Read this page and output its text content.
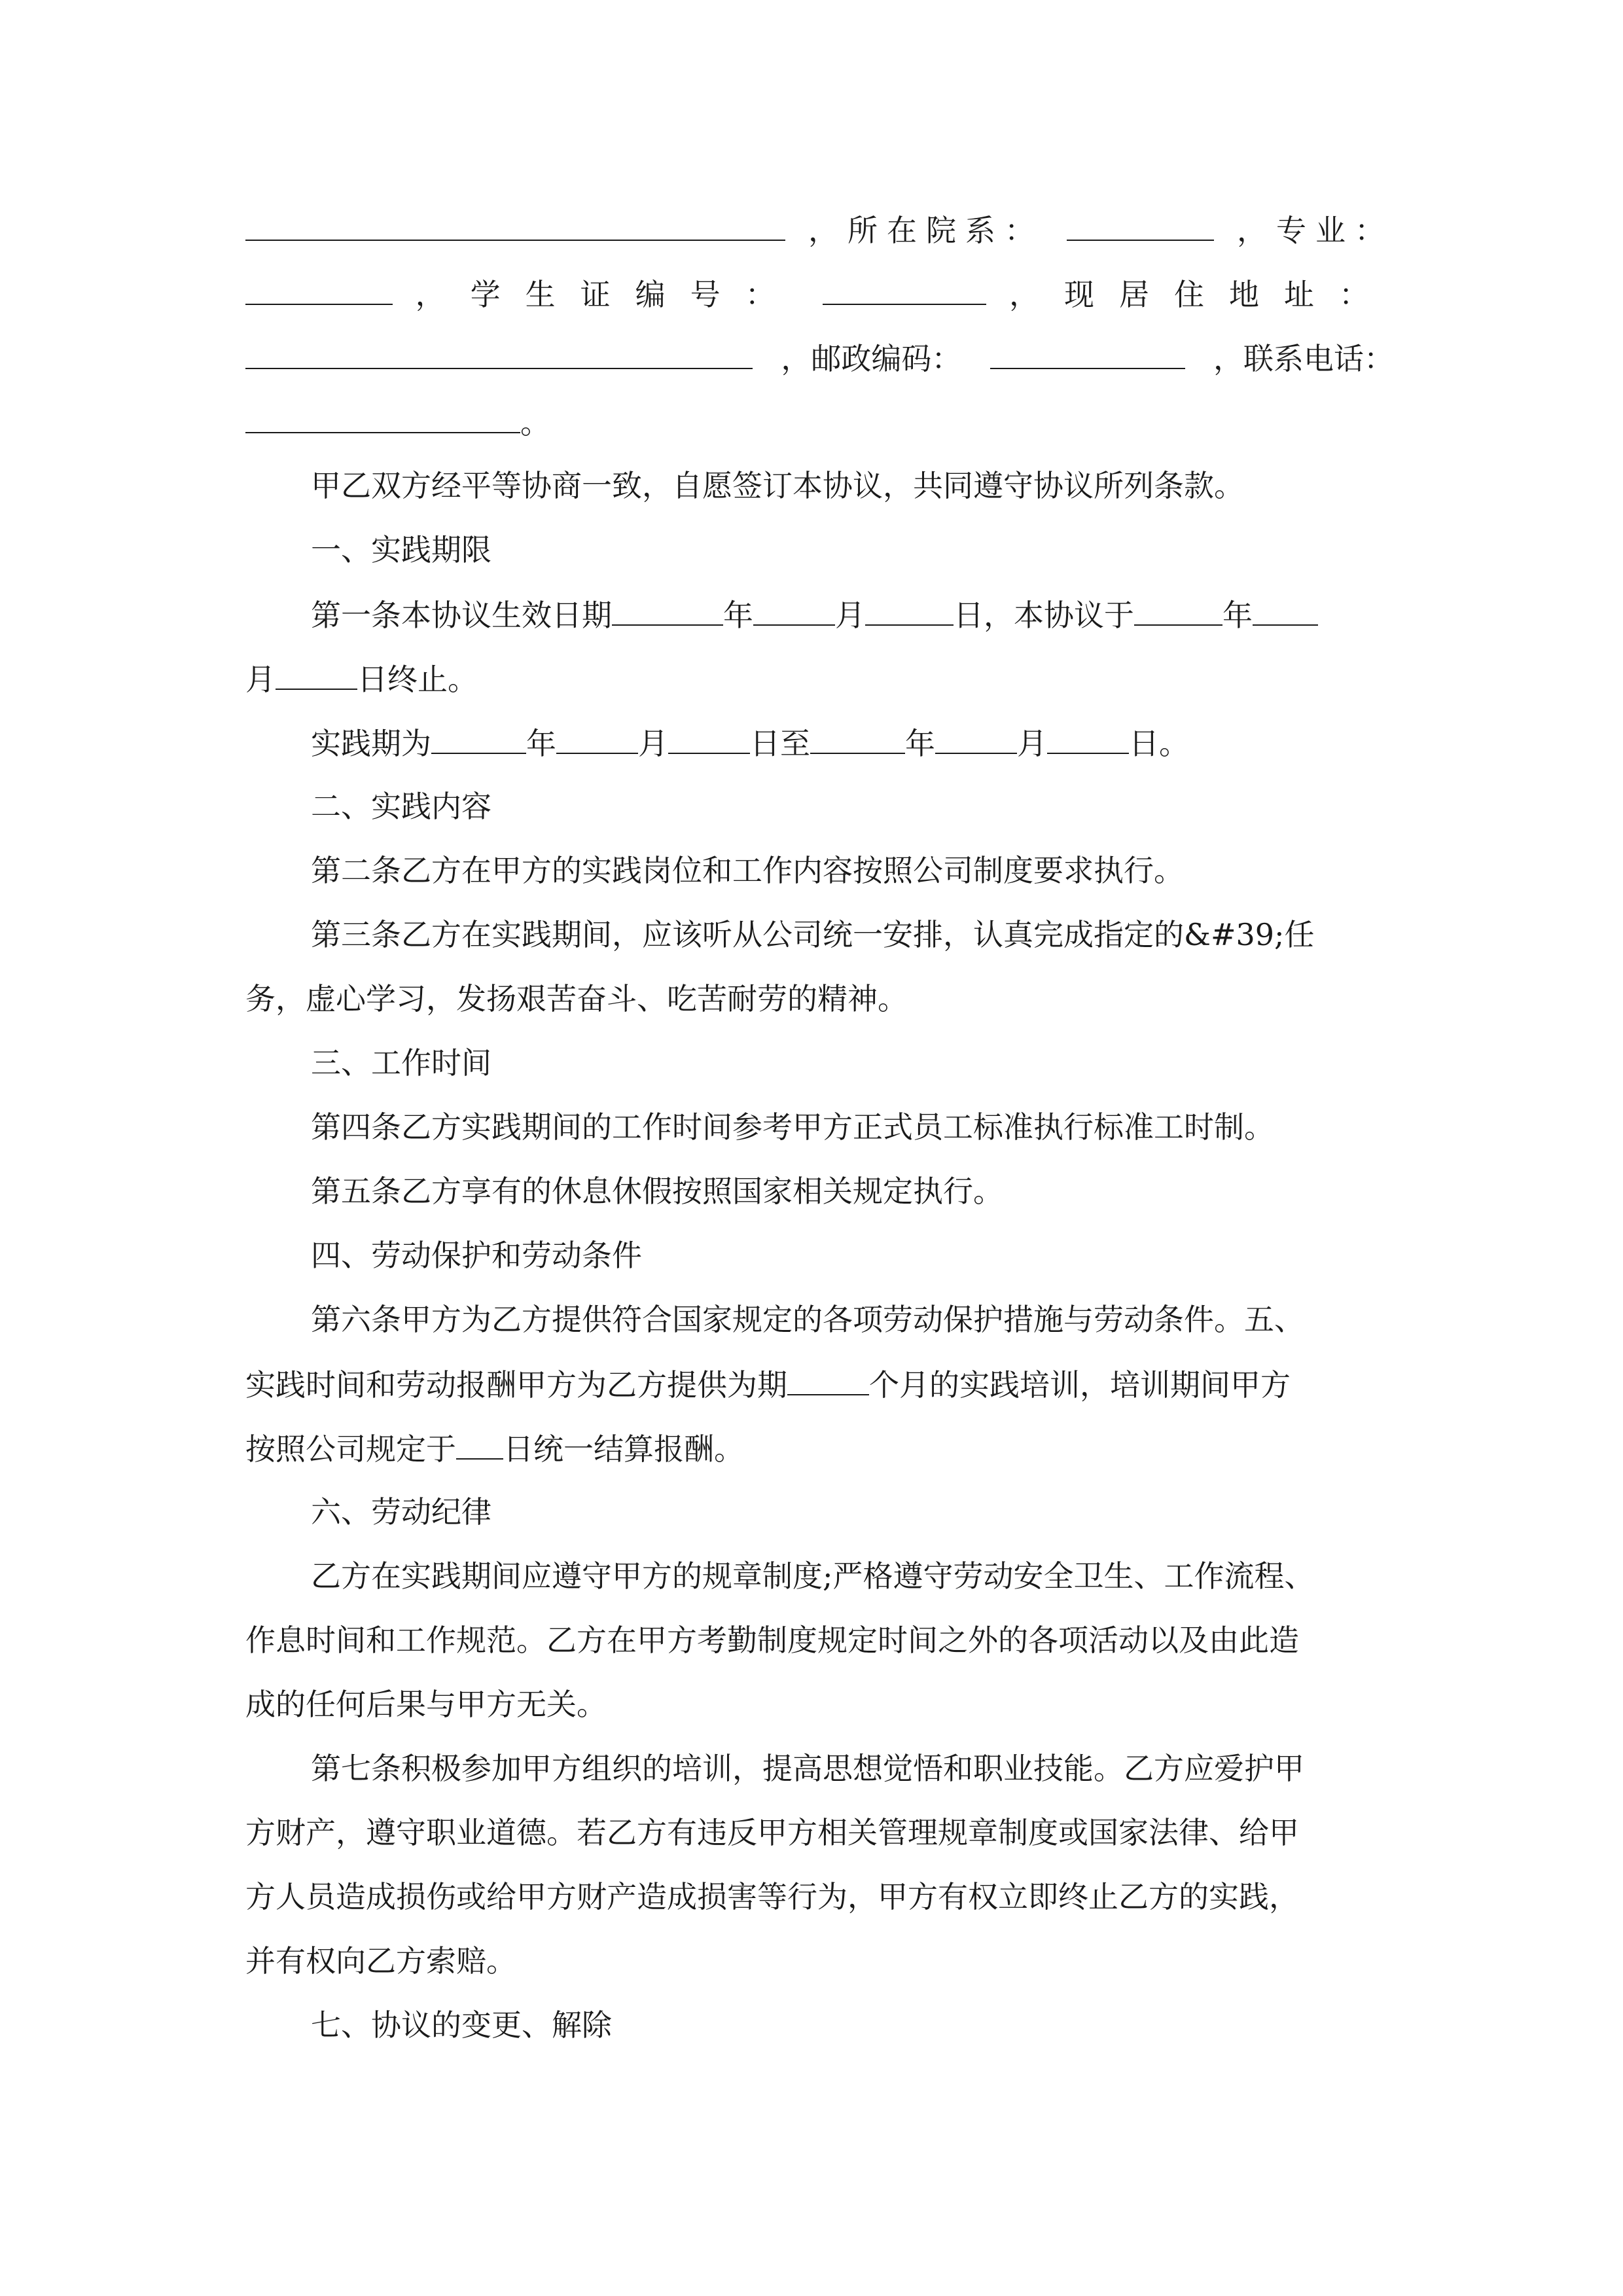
，所在院系：	，专业：
，学生证编号：	，现居住地址：
，邮政编码：	，联系电话：
。
甲乙双方经平等协商一致，自愿签订本协议，共同遵守协议所列条款。
一、实践期限
第一条本协议生效日期	年	月	日，本协议于	年
月	日终止。
实践期为	年	月	日至	年	月	日。
二、实践内容
第二条乙方在甲方的实践岗位和工作内容按照公司制度要求执行。
第三条乙方在实践期间，应该听从公司统一安排，认真完成指定的&#39;任
务，虚心学习，发扬艰苦奋斗、吃苦耐劳的精神。
三、工作时间
第四条乙方实践期间的工作时间参考甲方正式员工标准执行标准工时制。
第五条乙方享有的休息休假按照国家相关规定执行。
四、劳动保护和劳动条件
第六条甲方为乙方提供符合国家规定的各项劳动保护措施与劳动条件。五、
实践时间和劳动报酬甲方为乙方提供为期	个月的实践培训，培训期间甲方
按照公司规定于 日统一结算报酬。
六、劳动纪律
乙方在实践期间应遵守甲方的规章制度;严格遵守劳动安全卫生、工作流程、
作息时间和工作规范。乙方在甲方考勤制度规定时间之外的各项活动以及由此造
成的任何后果与甲方无关。
第七条积极参加甲方组织的培训，提高思想觉悟和职业技能。乙方应爱护甲
方财产，遵守职业道德。若乙方有违反甲方相关管理规章制度或国家法律、给甲
方人员造成损伤或给甲方财产造成损害等行为，甲方有权立即终止乙方的实践，
并有权向乙方索赔。
七、协议的变更、解除
